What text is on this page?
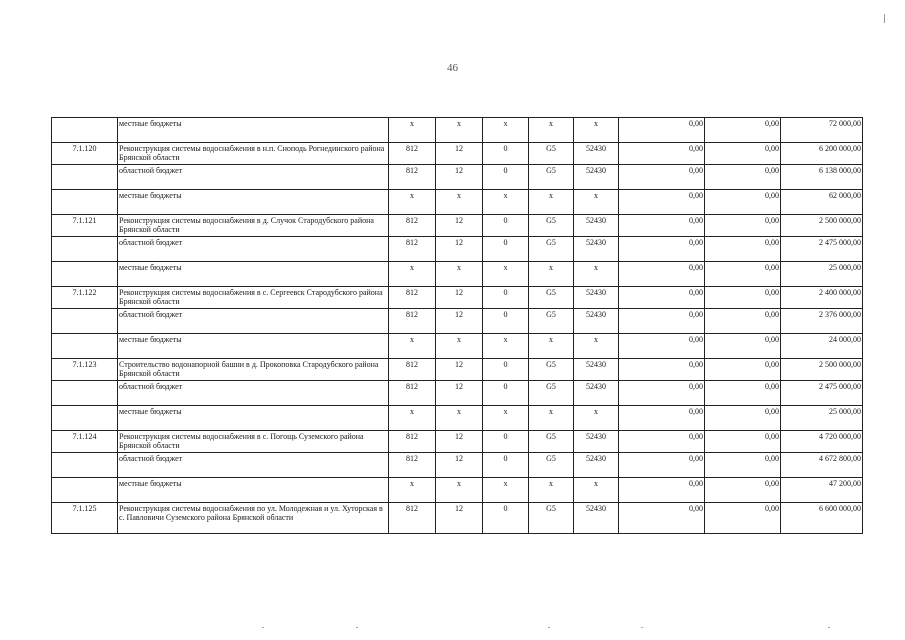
46
	местные бюджеты	x	x	x	x	x	0,00	0,00	72 000,00
7.1.120	Реконструкция системы водоснабжения в н.п. Сноподь Рогнединского района Брянской области	812	12	0	G5	52430	0,00	0,00	6 200 000,00
	областной бюджет	812	12	0	G5	52430	0,00	0,00	6 138 000,00
	местные бюджеты	x	x	x	x	x	0,00	0,00	62 000,00
7.1.121	Реконструкция системы водоснабжения в д. Случок Стародубского района Брянской области	812	12	0	G5	52430	0,00	0,00	2 500 000,00
	областной бюджет	812	12	0	G5	52430	0,00	0,00	2 475 000,00
	местные бюджеты	x	x	x	x	x	0,00	0,00	25 000,00
7.1.122	Реконструкция системы водоснабжения в с. Сергеевск Стародубского района Брянской области	812	12	0	G5	52430	0,00	0,00	2 400 000,00
	областной бюджет	812	12	0	G5	52430	0,00	0,00	2 376 000,00
	местные бюджеты	x	x	x	x	x	0,00	0,00	24 000,00
7.1.123	Строительство водонапорной башни в д. Прокоповка Стародубского района Брянской области	812	12	0	G5	52430	0,00	0,00	2 500 000,00
	областной бюджет	812	12	0	G5	52430	0,00	0,00	2 475 000,00
	местные бюджеты	x	x	x	x	x	0,00	0,00	25 000,00
7.1.124	Реконструкция системы водоснабжения в с. Погощь Суземского района Брянской области	812	12	0	G5	52430	0,00	0,00	4 720 000,00
	областной бюджет	812	12	0	G5	52430	0,00	0,00	4 672 800,00
	местные бюджеты	x	x	x	x	x	0,00	0,00	47 200,00
7.1.125	Реконструкция системы водоснабжения по ул. Молодежная и ул. Хуторская в с. Павловичи Суземского района Брянской области	812	12	0	G5	52430	0,00	0,00	6 600 000,00
